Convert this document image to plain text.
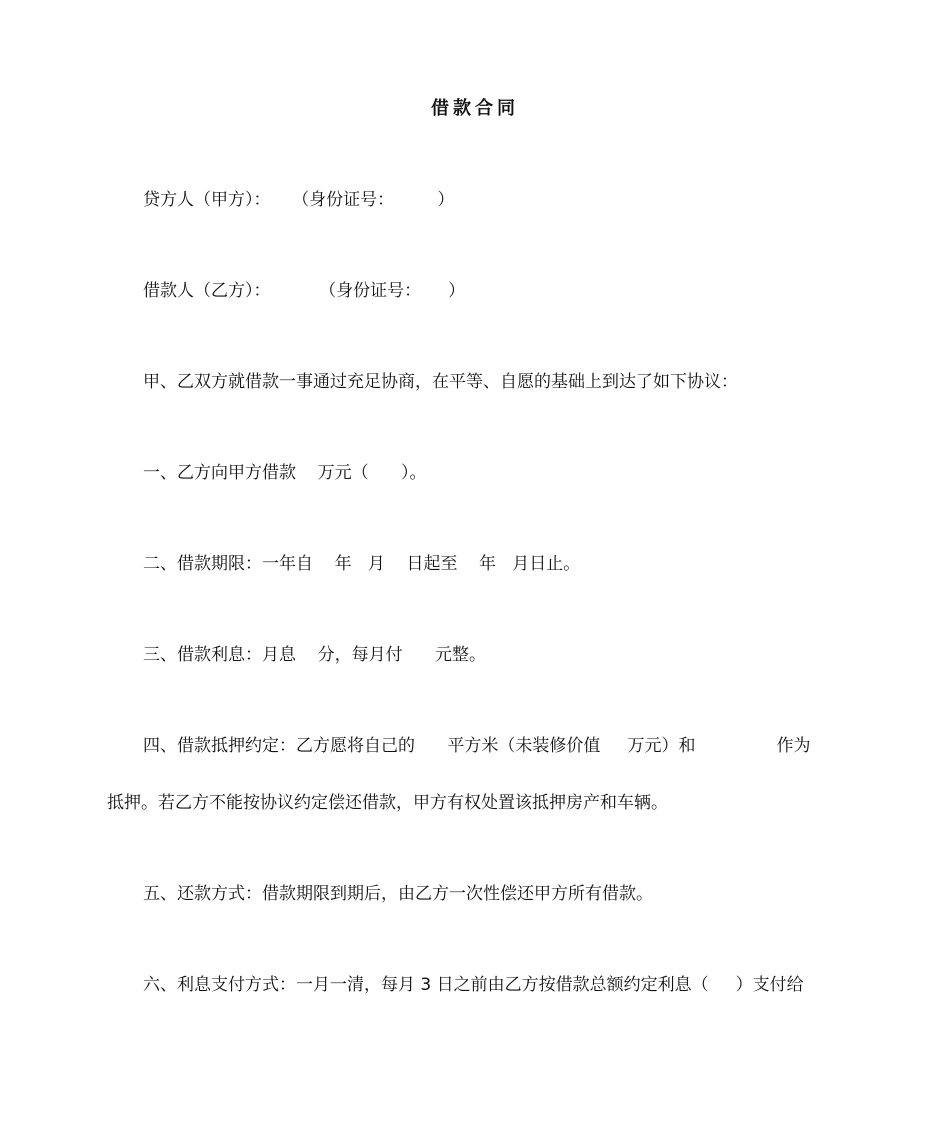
借款合同
贷方人（甲方）：    （身份证号：        ）
借款人（乙方）：         （身份证号：     ）
甲、乙双方就借款一事通过充足协商，在平等、自愿的基础上到达了如下协议：
一、乙方向甲方借款    万元（      ）。
二、借款期限：一年自    年   月    日起至    年   月日止。
三、借款利息：月息    分，每月付      元整。
四、借款抵押约定：乙方愿将自己的      平方米（未装修价值     万元）和               作为
抵押。若乙方不能按协议约定偿还借款，甲方有权处置该抵押房产和车辆。
五、还款方式：借款期限到期后，由乙方一次性偿还甲方所有借款。
六、利息支付方式：一月一清，每月 3 日之前由乙方按借款总额约定利息（     ）支付给
